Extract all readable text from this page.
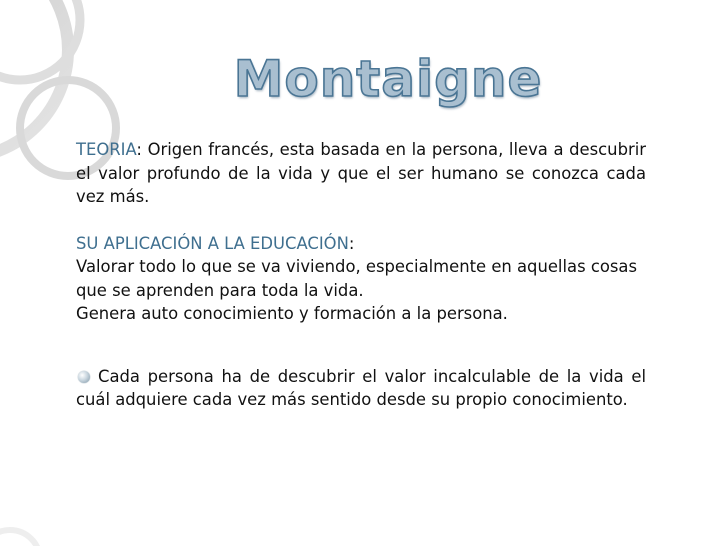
Montaigne

TEORIA: Origen francés, esta basada en la persona, lleva a descubrir el valor profundo de la vida y que el ser humano se conozca cada vez más.

SU APLICACIÓN A LA EDUCACIÓN:

Valorar todo lo que se va viviendo, especialmente en aquellas cosas que se aprenden para toda la vida.

Genera auto conocimiento y formación a la persona.

Cada persona ha de descubrir el valor incalculable de la vida el cuál adquiere cada vez más sentido desde su propio conocimiento.
